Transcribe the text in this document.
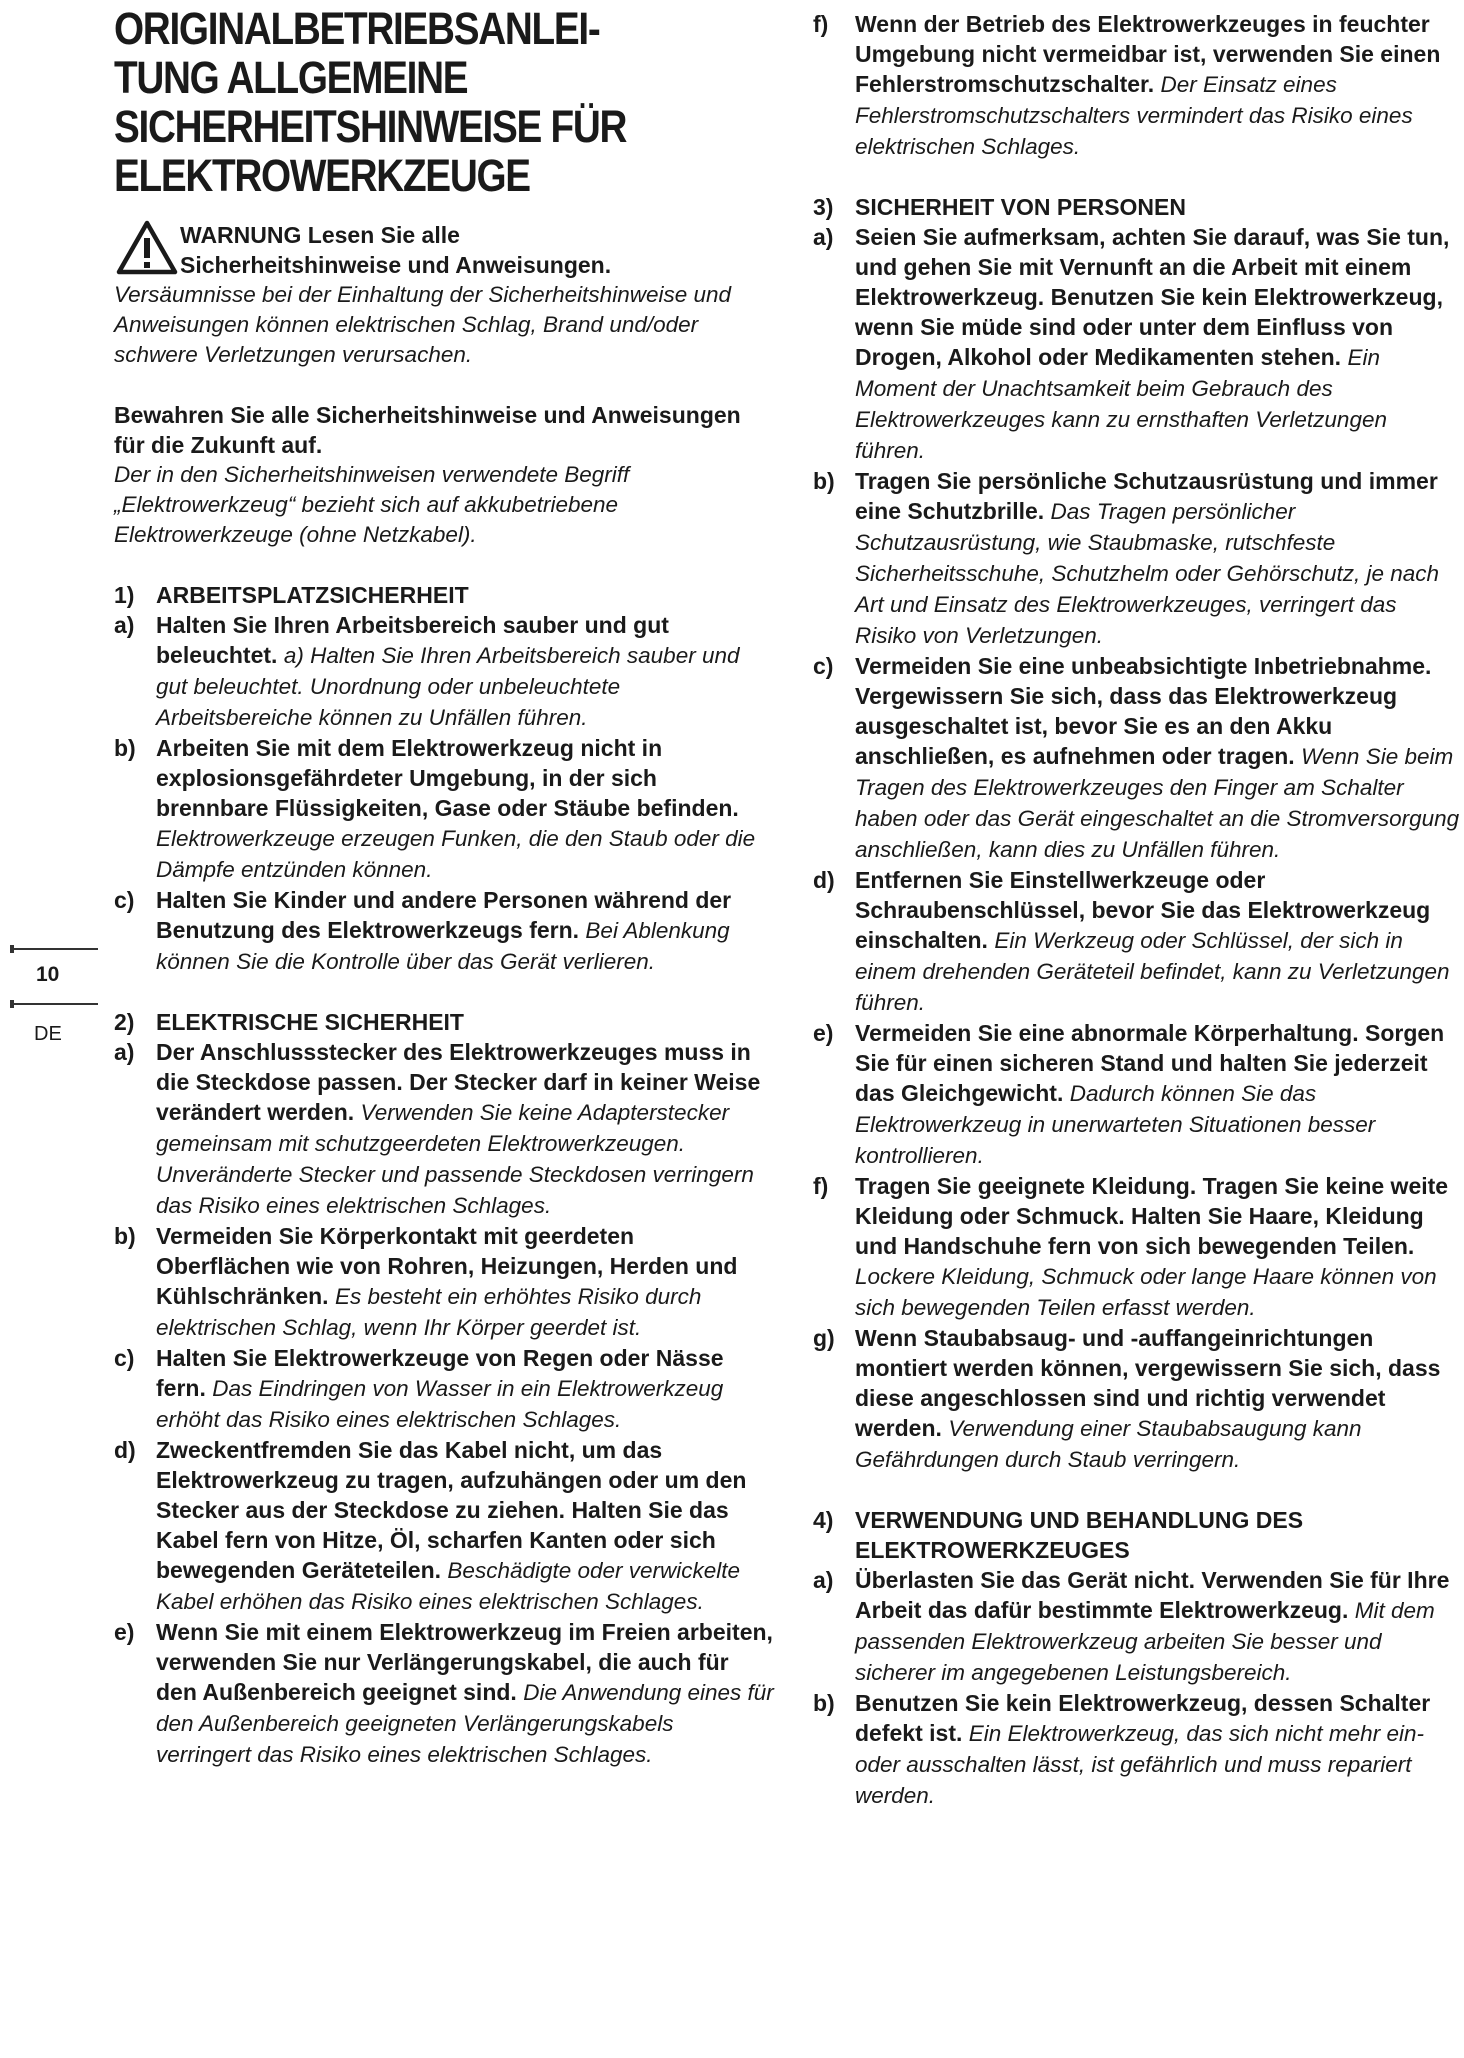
ORIGINALBETRIEBSANLEI-
TUNG ALLGEMEINE
SICHERHEITSHINWEISE FÜR
ELEKTROWERKZEUGE
WARNUNG Lesen Sie alle
Sicherheitshinweise und Anweisungen.
Versäumnisse bei der Einhaltung der Sicherheitshinweise und Anweisungen können elektrischen Schlag, Brand und/oder schwere Verletzungen verursachen.
Bewahren Sie alle Sicherheitshinweise und Anweisungen für die Zukunft auf.
Der in den Sicherheitshinweisen verwendete Begriff „Elektrowerkzeug“ bezieht sich auf akkubetriebene Elektrowerkzeuge (ohne Netzkabel).
1) ARBEITSPLATZSICHERHEIT
a) Halten Sie Ihren Arbeitsbereich sauber und gut beleuchtet. a) Halten Sie Ihren Arbeitsbereich sauber und gut beleuchtet. Unordnung oder unbeleuchtete Arbeitsbereiche können zu Unfällen führen.
b) Arbeiten Sie mit dem Elektrowerkzeug nicht in explosionsgefährdeter Umgebung, in der sich brennbare Flüssigkeiten, Gase oder Stäube befinden. Elektrowerkzeuge erzeugen Funken, die den Staub oder die Dämpfe entzünden können.
c) Halten Sie Kinder und andere Personen während der Benutzung des Elektrowerkzeugs fern. Bei Ablenkung können Sie die Kontrolle über das Gerät verlieren.
2) ELEKTRISCHE SICHERHEIT
a) Der Anschlussstecker des Elektrowerkzeuges muss in die Steckdose passen. Der Stecker darf in keiner Weise verändert werden. Verwenden Sie keine Adapterstecker gemeinsam mit schutzgeerdeten Elektrowerkzeugen. Unveränderte Stecker und passende Steckdosen verringern das Risiko eines elektrischen Schlages.
b) Vermeiden Sie Körperkontakt mit geerdeten Oberflächen wie von Rohren, Heizungen, Herden und Kühlschränken. Es besteht ein erhöhtes Risiko durch elektrischen Schlag, wenn Ihr Körper geerdet ist.
c) Halten Sie Elektrowerkzeuge von Regen oder Nässe fern. Das Eindringen von Wasser in ein Elektrowerkzeug erhöht das Risiko eines elektrischen Schlages.
d) Zweckentfremden Sie das Kabel nicht, um das Elektrowerkzeug zu tragen, aufzuhängen oder um den Stecker aus der Steckdose zu ziehen. Halten Sie das Kabel fern von Hitze, Öl, scharfen Kanten oder sich bewegenden Geräteteilen. Beschädigte oder verwickelte Kabel erhöhen das Risiko eines elektrischen Schlages.
e) Wenn Sie mit einem Elektrowerkzeug im Freien arbeiten, verwenden Sie nur Verlängerungskabel, die auch für den Außenbereich geeignet sind. Die Anwendung eines für den Außenbereich geeigneten Verlängerungskabels verringert das Risiko eines elektrischen Schlages.
10
DE
f) Wenn der Betrieb des Elektrowerkzeuges in feuchter Umgebung nicht vermeidbar ist, verwenden Sie einen Fehlerstromschutzschalter. Der Einsatz eines Fehlerstromschutzschalters vermindert das Risiko eines elektrischen Schlages.
3) SICHERHEIT VON PERSONEN
a) Seien Sie aufmerksam, achten Sie darauf, was Sie tun, und gehen Sie mit Vernunft an die Arbeit mit einem Elektrowerkzeug. Benutzen Sie kein Elektrowerkzeug, wenn Sie müde sind oder unter dem Einfluss von Drogen, Alkohol oder Medikamenten stehen. Ein Moment der Unachtsamkeit beim Gebrauch des Elektrowerkzeuges kann zu ernsthaften Verletzungen führen.
b) Tragen Sie persönliche Schutzausrüstung und immer eine Schutzbrille. Das Tragen persönlicher Schutzausrüstung, wie Staubmaske, rutschfeste Sicherheitsschuhe, Schutzhelm oder Gehörschutz, je nach Art und Einsatz des Elektrowerkzeuges, verringert das Risiko von Verletzungen.
c) Vermeiden Sie eine unbeabsichtigte Inbetriebnahme. Vergewissern Sie sich, dass das Elektrowerkzeug ausgeschaltet ist, bevor Sie es an den Akku anschließen, es aufnehmen oder tragen. Wenn Sie beim Tragen des Elektrowerkzeuges den Finger am Schalter haben oder das Gerät eingeschaltet an die Stromversorgung anschließen, kann dies zu Unfällen führen.
d) Entfernen Sie Einstellwerkzeuge oder Schraubenschlüssel, bevor Sie das Elektrowerkzeug einschalten. Ein Werkzeug oder Schlüssel, der sich in einem drehenden Geräteteil befindet, kann zu Verletzungen führen.
e) Vermeiden Sie eine abnormale Körperhaltung. Sorgen Sie für einen sicheren Stand und halten Sie jederzeit das Gleichgewicht. Dadurch können Sie das Elektrowerkzeug in unerwarteten Situationen besser kontrollieren.
f) Tragen Sie geeignete Kleidung. Tragen Sie keine weite Kleidung oder Schmuck. Halten Sie Haare, Kleidung und Handschuhe fern von sich bewegenden Teilen. Lockere Kleidung, Schmuck oder lange Haare können von sich bewegenden Teilen erfasst werden.
g) Wenn Staubabsaug- und -auffangeinrichtungen montiert werden können, vergewissern Sie sich, dass diese angeschlossen sind und richtig verwendet werden. Verwendung einer Staubabsaugung kann Gefährdungen durch Staub verringern.
4) VERWENDUNG UND BEHANDLUNG DES ELEKTROWERKZEUGES
a) Überlasten Sie das Gerät nicht. Verwenden Sie für Ihre Arbeit das dafür bestimmte Elektrowerkzeug. Mit dem passenden Elektrowerkzeug arbeiten Sie besser und sicherer im angegebenen Leistungsbereich.
b) Benutzen Sie kein Elektrowerkzeug, dessen Schalter defekt ist. Ein Elektrowerkzeug, das sich nicht mehr ein- oder ausschalten lässt, ist gefährlich und muss repariert werden.
